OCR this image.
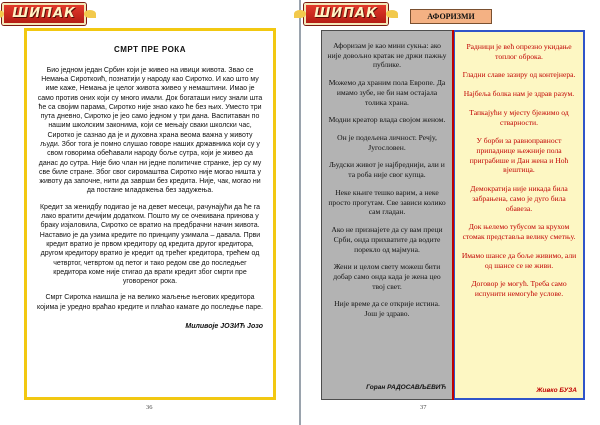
ШИПАК	ШИПАК
СМРТ ПРЕ РОКА

Био једном један Србин који је живео на ивици живота. Звао се Немања Сироткоић, познатији у народу као Сиротко. И као што му име каже, Немања је целог живота живео у немаштини. Имао је само против оних који су много имали. Док богаташи нису знали шта ће са својим парама, Сиротко није знао како ће без њих. Уместо три пута дневно, Сиротко је јео само једном у три дана. Васпитаван по нашим школским законима, који се мењају сваки школски час, Сиротко је сазнао да је и духовна храна веома важна у животу људи. Због тога је помно слушао говоре наших државника који су у свом говорима обећавали народу боље сутра, који је живео да данас до сутра. Није био члан ни једне политичке странке, јер су му све биле стране. Због свог сиромаштва Сиротко није могао ништа у животу да започне, нити да заврши без кредита. Није, чак, могао ни да постане младожења без задужења.

Кредит за женидбу подигао је на девет месеци, рачунајући да ће га лако вратити дечијим додатком. Пошто му се очекивана принова у браку изјаловила, Сиротко се вратио на предбрачни начин живота. Наставио је да узима кредите по принципу узимала – давала. Први кредит вратио је првом кредитору од кредита другог кредитора, другом кредитору вратио је кредит од трећег кредитора, трећем од четвртог, четвртом од петог и тако редом све до последњег кредитора коме није стигао да врати кредит због смрти пре уговореног рока.

Смрт Сиротка наишла је на велико жаљење његових кредитора којима је уредно враћао кредите и плаћао камате до последње паре.

Миливоје ЈОЗИЋ Јозо
36
АФОРИЗМИ

Афоризам је као мини сукња: ако није довољно кратак не држи пажњу публике.

Можемо да храним пола Европе. Да имамо зубе, не би нам остајала толика храна.

Модни креатор влада својом женом.

Он је подељена личност. Речју, Југословен.

Људски живот је најбреднији, али и та роба није свог купца.

Неке књиге тешко варим, а неке просто прогутам. Све зависи колико сам гладан.

Ако не признаjете да су вам преци Срби, онда прихватите да водите порекло од мајмуна.

Жени и целом свету можеш бити добар само онда када је жена цео твој свет.

Није време да се открије истина. Још је здраво.

Горан РАДОСАВЉЕВИЋ

Радници је већ опрезно укидање топлог оброка.

Гладни славе зазиру од контејнера.

Најбеља болка нам је здрав разум.

Тапкајући у мјесту бјежимо од стварности.

У борби за равноправност припаднице њежније пола приграбише и Дан жена и Ноћ вјештица.

Демократија није никада била забрањена, само је дуго била обавеза.

Док њелемо тубусом за крухом стомак представља велику сметњу.

Имамо шансе да боље живимо, али од шансе се не живи.

Договор је могућ. Треба само испунити немогуће услове.

Живко БУЗА
37
